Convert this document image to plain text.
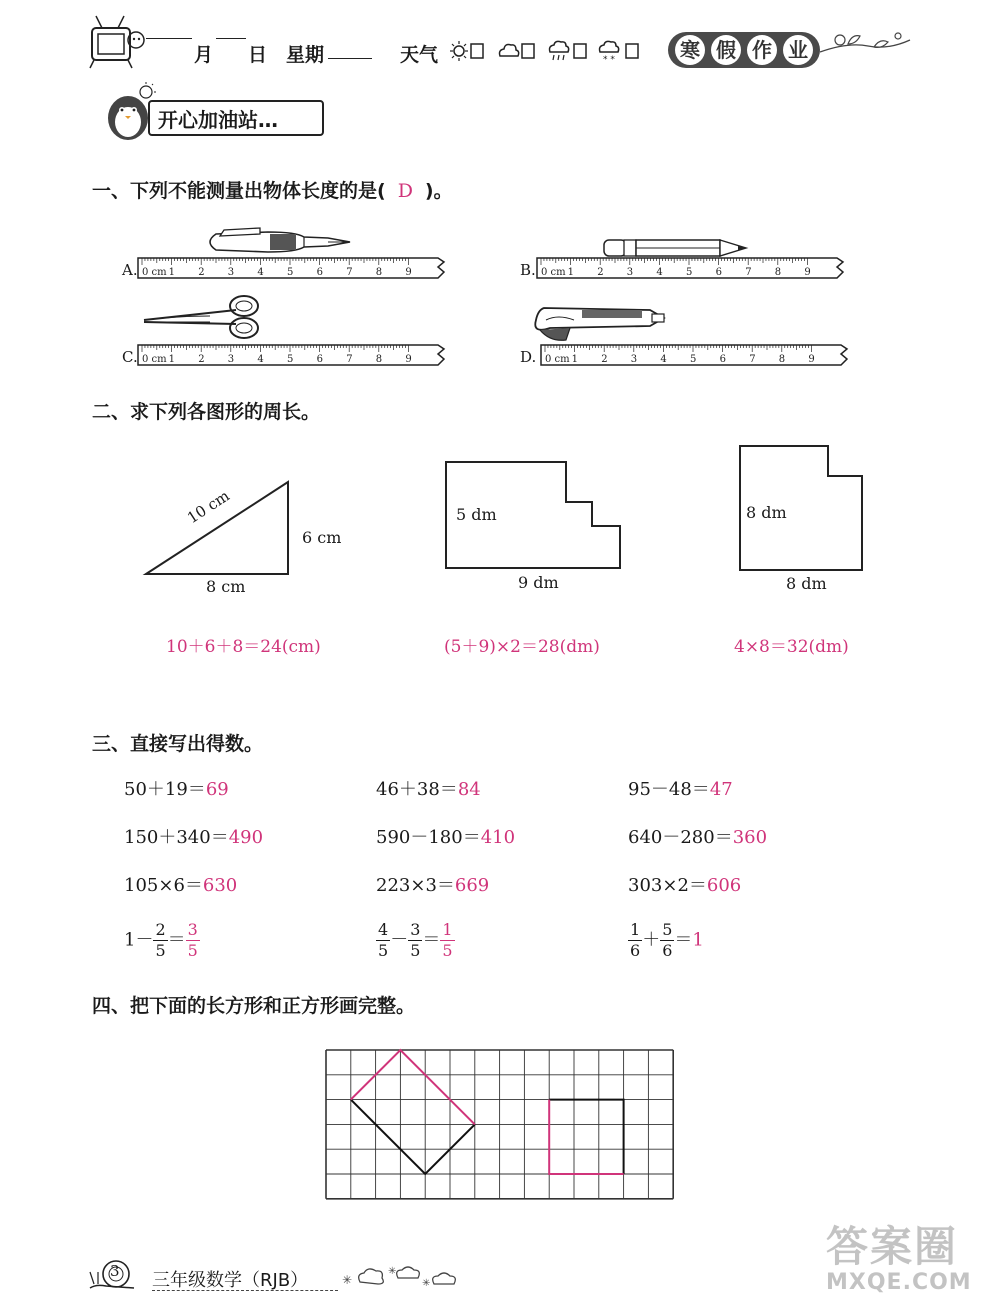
月 日 星期	天气	* *	寒 假 作 业
开心加油站…
一、下列不能测量出物体长度的是( D )。
A.	B.
C.	D.
0 cm 1 2 3 4 5 6 7 8 9	0 cm 1 2 3 4 5 6 7 8 9
0 cm 1 2 3 4 5 6 7 8 9	0 cm 1 2 3 4 5 6 7 8 9
二、求下列各图形的周长。
10 cm
6 cm
8 cm
5 dm
9 dm
8 dm
8 dm
10＋6＋8＝24(cm)	(5＋9)×2＝28(dm)	4×8＝32(dm)
三、直接写出得数。
50＋19＝69	46＋38＝84	95－48＝47
150＋340＝490	590－180＝410	640－280＝360
105×6＝630	223×3＝669	303×2＝606
$1- \frac{2}{5} = \frac{3}{5}$	$\frac{4}{5} - \frac{3}{5} = \frac{1}{5}$	$\frac{1}{6} + \frac{5}{6} =1$
四、把下面的长方形和正方形画完整。
3 三年级数学（RJB）	✳
✳
✳
答案圈
MXQE.COM
